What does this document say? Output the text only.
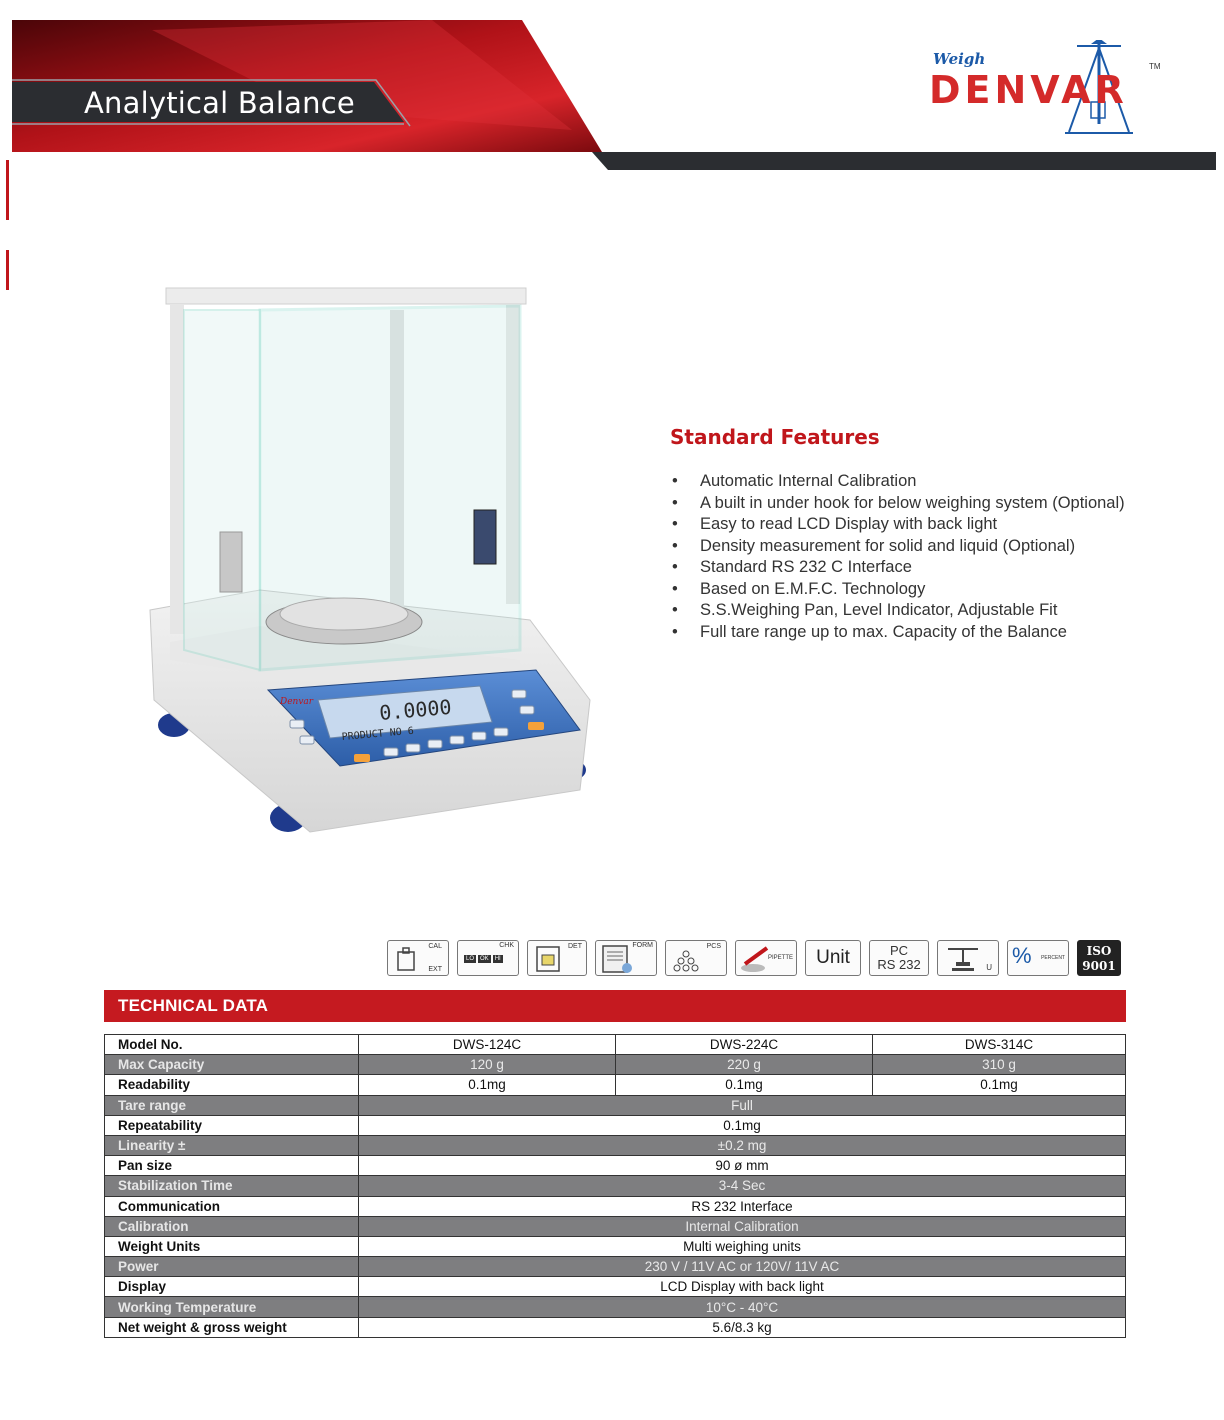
Analytical Balance
Weigh
DENVAR
TM
0.0000
PRODUCT NO 6
Denvar
Standard Features
• Automatic Internal Calibration
• A built in under hook for below weighing system (Optional)
• Easy to read LCD Display with back light
• Density measurement for solid and liquid (Optional)
• Standard RS 232 C Interface
• Based on E.M.F.C. Technology
• S.S.Weighing Pan, Level Indicator, Adjustable Fit
• Full tare range up to max. Capacity of the Balance
CAL
EXT
CHK
LO	OK	HI
DET	FORM	PCS
PIPETTE Unit	PC
RS 232	U % PERCENT	ISO
9001
TECHNICAL DATA
Model No.	DWS-124C	DWS-224C	DWS-314C
Max Capacity	120 g	220 g	310 g
Readability	0.1mg	0.1mg	0.1mg
Tare range	Full		
Repeatability	0.1mg		
Linearity ±	±0.2 mg		
Pan size	90 ø mm		
Stabilization Time	3-4 Sec		
Communication	RS 232 Interface		
Calibration	Internal Calibration		
Weight Units	Multi weighing units		
Power	230 V / 11V AC or 120V/ 11V AC		
Display	LCD Display with back light		
Working Temperature	10°C - 40°C		
Net weight & gross weight	5.6/8.3 kg		
